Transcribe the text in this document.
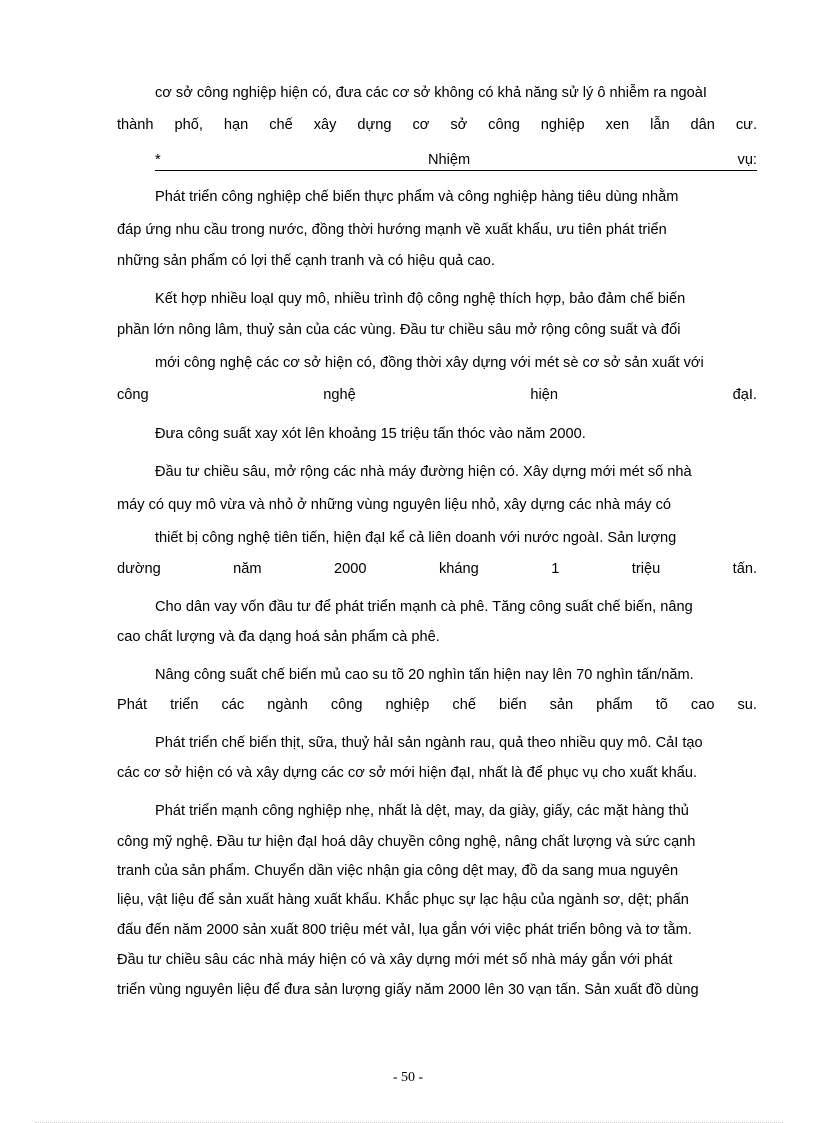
cơ sở công nghiệp hiện có, đưa các cơ sở không có khả năng sử lý ô nhiễm ra ngoàI
thành phố, hạn chế xây dựng cơ sở công nghiệp xen lẫn dân cư.
*	Nhiệm	vụ:
Phát triển công nghiệp chế biến thực phẩm và công nghiệp hàng tiêu dùng nhằm
đáp ứng nhu cầu trong nước, đồng thời hướng mạnh về xuất khẩu, ưu tiên phát triển
những sản phẩm có lợi thế cạnh tranh và có hiệu quả cao.
Kết hợp nhiều loạI quy mô, nhiều trình độ công nghệ thích hợp, bảo đảm chế biến
phần lớn nông lâm, thuỷ sản của các vùng. Đầu tư chiều sâu mở rộng công suất và đổi
mới công nghệ các cơ sở hiện có, đồng thời xây dựng với mét sè cơ sở sản xuất với
công	nghệ	hiện	đạI.
Đưa công suất xay xót lên khoảng 15 triệu tấn thóc vào năm 2000.
Đầu tư chiều sâu, mở rộng các nhà máy đường hiện có. Xây dựng mới mét số nhà
máy có quy mô vừa và nhỏ ở những vùng nguyên liệu nhỏ, xây dựng các nhà máy có
thiết bị công nghệ tiên tiến, hiện đạI kể cả liên doanh với nước ngoàI. Sản lượng
dường	năm	2000	kháng	1	triệu	tấn.
Cho dân vay vốn đầu tư để phát triển mạnh cà phê. Tăng công suất chế biến, nâng
cao chất lượng và đa dạng hoá sản phẩm cà phê.
Nâng công suất chế biến mủ cao su tõ 20 nghìn tấn hiện nay lên 70 nghìn tấn/năm.
Phát triển các ngành công nghiệp chế biến sản phẩm tõ cao su.
Phát triển chế biến thịt, sữa, thuỷ hảI sản ngành rau, quả theo nhiều quy mô. CảI tạo
các cơ sở hiện có và xây dựng các cơ sở mới hiện đạI, nhất là để phục vụ cho xuất khẩu.
Phát triển mạnh công nghiệp nhẹ, nhất là dệt, may, da giày, giấy, các mặt hàng thủ
công mỹ nghệ. Đầu tư hiện đạI hoá dây chuyền công nghệ, nâng chất lượng và sức cạnh
tranh của sản phẩm. Chuyển dần việc nhận gia công dệt may, đồ da sang mua nguyên
liệu, vật liệu để sản xuất hàng xuất khẩu. Khắc phục sự lạc hậu của ngành sơ, dệt; phấn
đấu đến năm 2000 sản xuất 800 triệu mét vảI, lụa gắn với việc phát triển bông và tơ tằm.
Đầu tư chiều sâu các nhà máy hiện có và xây dựng mới mét số nhà máy gắn với phát
triển vùng nguyên liệu để đưa sản lượng giấy năm 2000 lên 30 vạn tấn. Sản xuất đồ dùng
- 50 -
